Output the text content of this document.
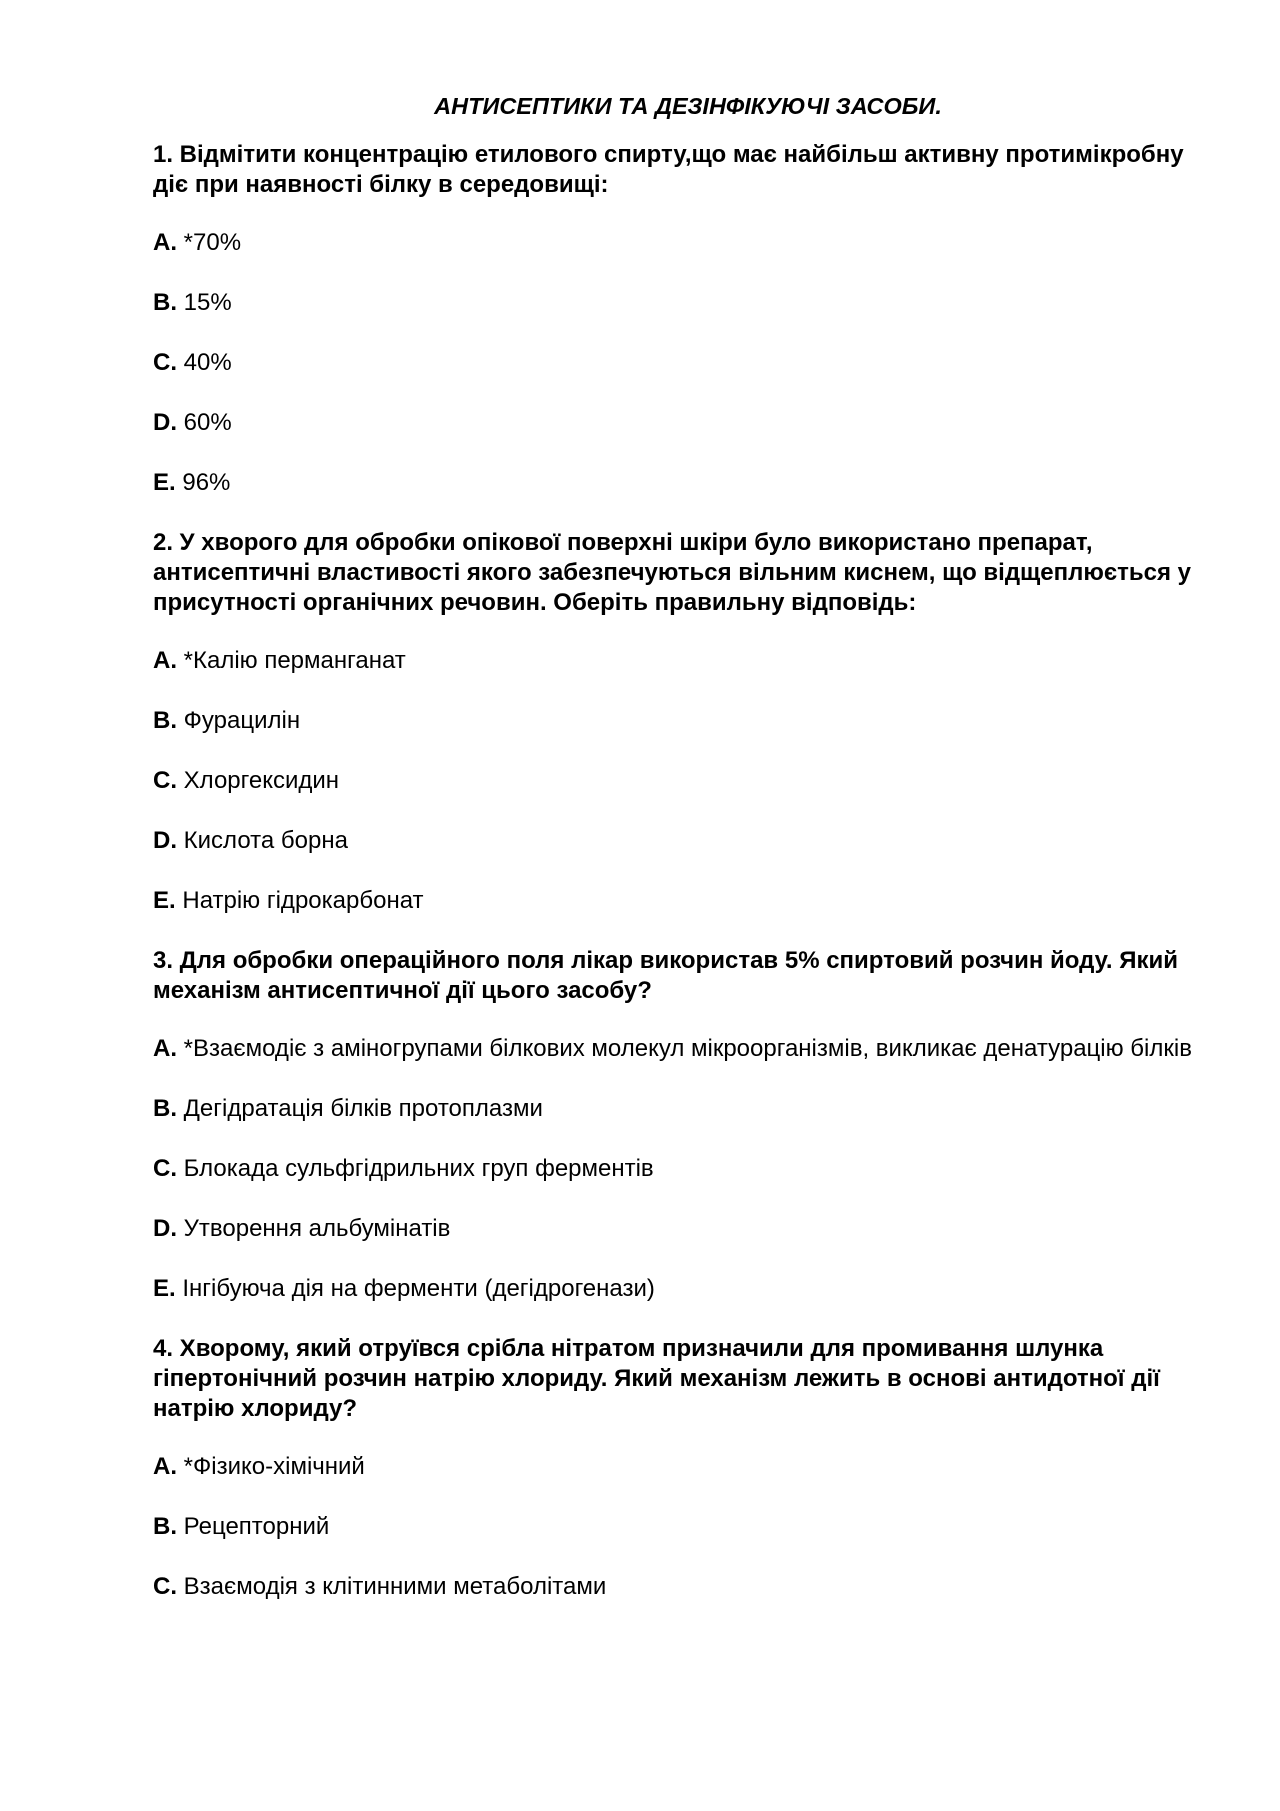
АНТИСЕПТИКИ ТА ДЕЗІНФІКУЮЧІ ЗАСОБИ.
1. Відмітити концентрацію етилового спирту,що має найбільш активну протимікробну діє при наявності білку в середовищі:
A. *70%
B. 15%
C. 40%
D. 60%
E. 96%
2. У хворого для обробки опікової поверхні шкіри було використано препарат, антисептичні властивості якого забезпечуються вільним киснем, що відщеплюється у присутності органічних речовин. Оберіть правильну відповідь:
A. *Калію перманганат
B. Фурацилін
C. Хлоргексидин
D. Кислота борна
E. Натрію гідрокарбонат
3. Для обробки операційного поля лікар використав 5% спиртовий розчин йоду. Який механізм антисептичної дії цього засобу?
A. *Взаємодіє з аміногрупами білкових молекул мікроорганізмів, викликає денатурацію білків
B. Дегідратація білків протоплазми
C. Блокада сульфгідрильних груп ферментів
D. Утворення альбумінатів
E. Інгібуюча дія на ферменти (дегідрогенази)
4. Хворому, який отруївся срібла нітратом призначили для промивання шлунка гіпертонічний розчин натрію хлориду. Який механізм лежить в основі антидотної дії натрію хлориду?
A. *Фізико-хімічний
B. Рецепторний
C. Взаємодія з клітинними метаболітами
